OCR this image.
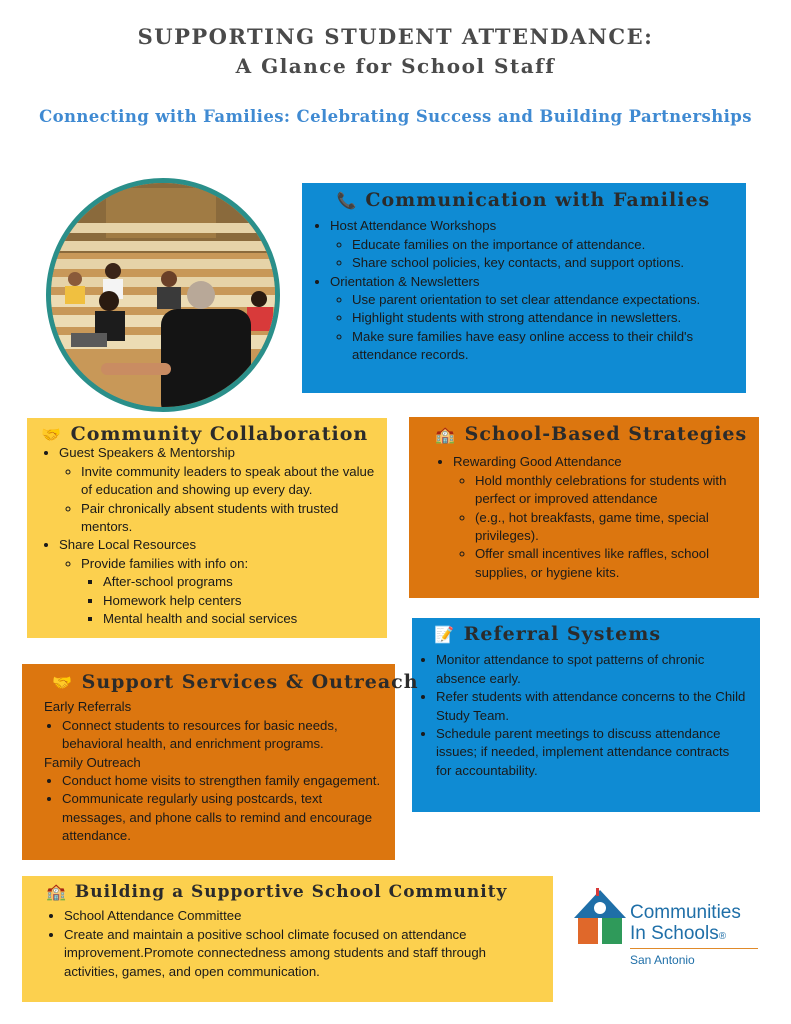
SUPPORTING STUDENT ATTENDANCE:
A Glance for School Staff
Connecting with Families: Celebrating Success and Building Partnerships
📞 Communication with Families
• Host Attendance Workshops
◦ Educate families on the importance of attendance.
◦ Share school policies, key contacts, and support options.
• Orientation & Newsletters
◦ Use parent orientation to set clear attendance expectations.
◦ Highlight students with strong attendance in newsletters.
◦ Make sure families have easy online access to their child's attendance records.
🤝 Community Collaboration
• Guest Speakers & Mentorship
◦ Invite community leaders to speak about the value of education and showing up every day.
◦ Pair chronically absent students with trusted mentors.
• Share Local Resources
◦ Provide families with info on:
▪ After-school programs
▪ Homework help centers
▪ Mental health and social services
🏫 School-Based Strategies
• Rewarding Good Attendance
◦ Hold monthly celebrations for students with perfect or improved attendance
◦ (e.g., hot breakfasts, game time, special privileges).
◦ Offer small incentives like raffles, school supplies, or hygiene kits.
📝 Referral Systems
• Monitor attendance to spot patterns of chronic absence early.
• Refer students with attendance concerns to the Child Study Team.
• Schedule parent meetings to discuss attendance issues; if needed, implement attendance contracts for accountability.
🤝 Support Services & Outreach

Early Referrals

• Connect students to resources for basic needs, behavioral health, and enrichment programs.

Family Outreach

• Conduct home visits to strengthen family engagement.
• Communicate regularly using postcards, text messages, and phone calls to remind and encourage attendance.
🏫 Building a Supportive School Community
• School Attendance Committee
• Create and maintain a positive school climate focused on attendance improvement.Promote connectedness among students and staff through activities, games, and open communication.
Communities
In Schools®
San Antonio
